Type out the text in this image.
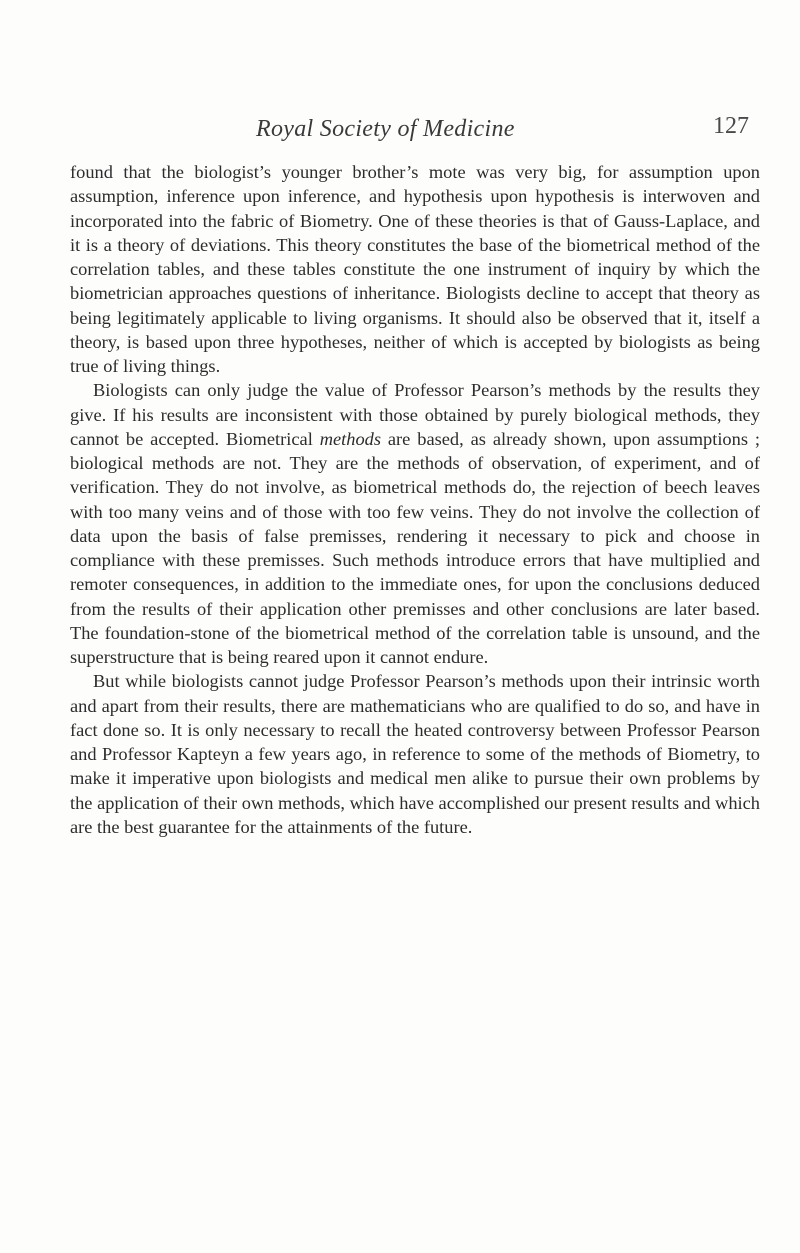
Royal Society of Medicine	127

found that the biologist’s younger brother’s mote was very big, for assumption upon assumption, inference upon inference, and hypothesis upon hypothesis is interwoven and incorporated into the fabric of Biometry. One of these theories is that of Gauss-Laplace, and it is a theory of deviations. This theory constitutes the base of the biometrical method of the correlation tables, and these tables constitute the one instrument of inquiry by which the biometrician approaches questions of inheritance. Biologists decline to accept that theory as being legitimately applicable to living organisms. It should also be observed that it, itself a theory, is based upon three hypotheses, neither of which is accepted by biologists as being true of living things.

Biologists can only judge the value of Professor Pearson’s methods by the results they give. If his results are inconsistent with those obtained by purely biological methods, they cannot be accepted. Biometrical methods are based, as already shown, upon assumptions ; biological methods are not. They are the methods of observation, of experiment, and of verification. They do not involve, as biometrical methods do, the rejection of beech leaves with too many veins and of those with too few veins. They do not involve the collection of data upon the basis of false premisses, rendering it necessary to pick and choose in compliance with these premisses. Such methods introduce errors that have multiplied and remoter consequences, in addition to the immediate ones, for upon the conclusions deduced from the results of their application other premisses and other conclusions are later based. The foundation-stone of the biometrical method of the correlation table is unsound, and the superstructure that is being reared upon it cannot endure.

But while biologists cannot judge Professor Pearson’s methods upon their intrinsic worth and apart from their results, there are mathematicians who are qualified to do so, and have in fact done so. It is only necessary to recall the heated controversy between Professor Pearson and Professor Kapteyn a few years ago, in reference to some of the methods of Biometry, to make it imperative upon biologists and medical men alike to pursue their own problems by the application of their own methods, which have accomplished our present results and which are the best guarantee for the attainments of the future.
